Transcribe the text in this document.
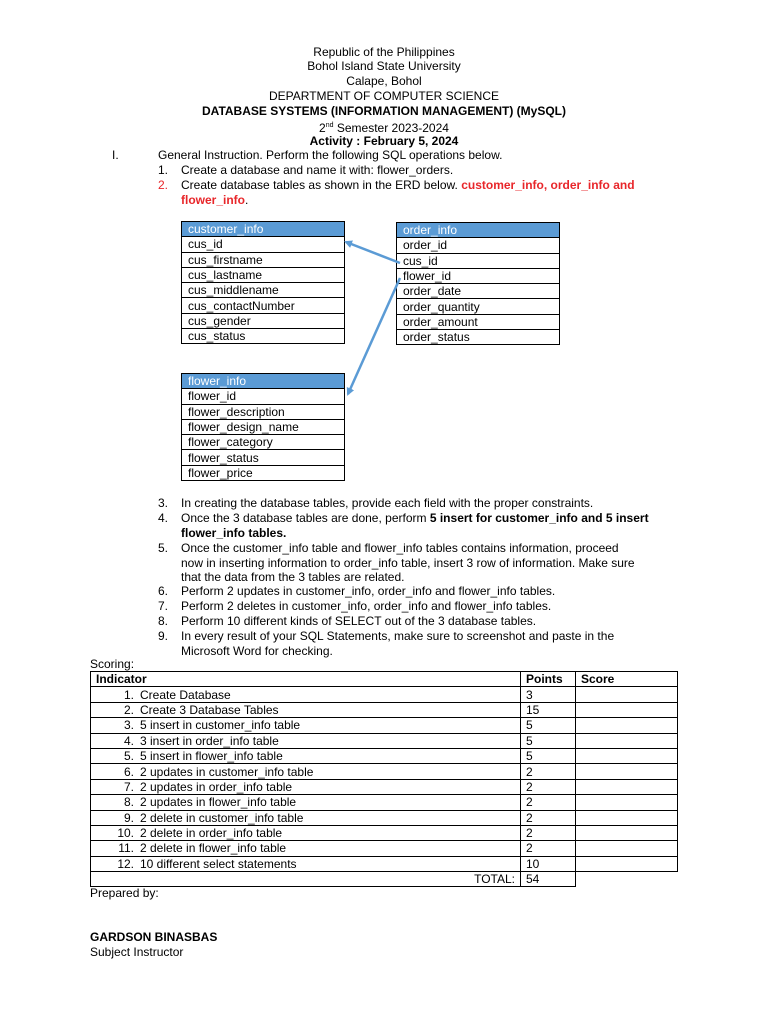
Republic of the Philippines
Bohol Island State University
Calape, Bohol
DEPARTMENT OF COMPUTER SCIENCE
DATABASE SYSTEMS (INFORMATION MANAGEMENT) (MySQL)
2nd Semester 2023-2024
Activity : February 5, 2024
I.	General Instruction. Perform the following SQL operations below.
1. Create a database and name it with: flower_orders.
2. Create database tables as shown in the ERD below. customer_info, order_info and
flower_info.
customer_info
cus_id
cus_firstname
cus_lastname
cus_middlename
cus_contactNumber
cus_gender
cus_status
order_info
order_id
cus_id
flower_id
order_date
order_quantity
order_amount
order_status
flower_info
flower_id
flower_description
flower_design_name
flower_category
flower_status
flower_price
3. In creating the database tables, provide each field with the proper constraints.
4. Once the 3 database tables are done, perform 5 insert for customer_info and 5 insert
flower_info tables.
5. Once the customer_info table and flower_info tables contains information, proceed
now in inserting information to order_info table, insert 3 row of information. Make sure
that the data from the 3 tables are related.
6. Perform 2 updates in customer_info, order_info and flower_info tables.
7. Perform 2 deletes in customer_info, order_info and flower_info tables.
8. Perform 10 different kinds of SELECT out of the 3 database tables.
9. In every result of your SQL Statements, make sure to screenshot and paste in the
Microsoft Word for checking.
Scoring:
Indicator	Points	Score
1. Create Database	3	
2. Create 3 Database Tables	15	
3. 5 insert in customer_info table	5	
4. 3 insert in order_info table	5	
5. 5 insert in flower_info table	5	
6. 2 updates in customer_info table	2	
7. 2 updates in order_info table	2	
8. 2 updates in flower_info table	2	
9. 2 delete in customer_info table	2	
10. 2 delete in order_info table	2	
11. 2 delete in flower_info table	2	
12. 10 different select statements	10	
TOTAL:	54	
Prepared by:
GARDSON BINASBAS
Subject Instructor
